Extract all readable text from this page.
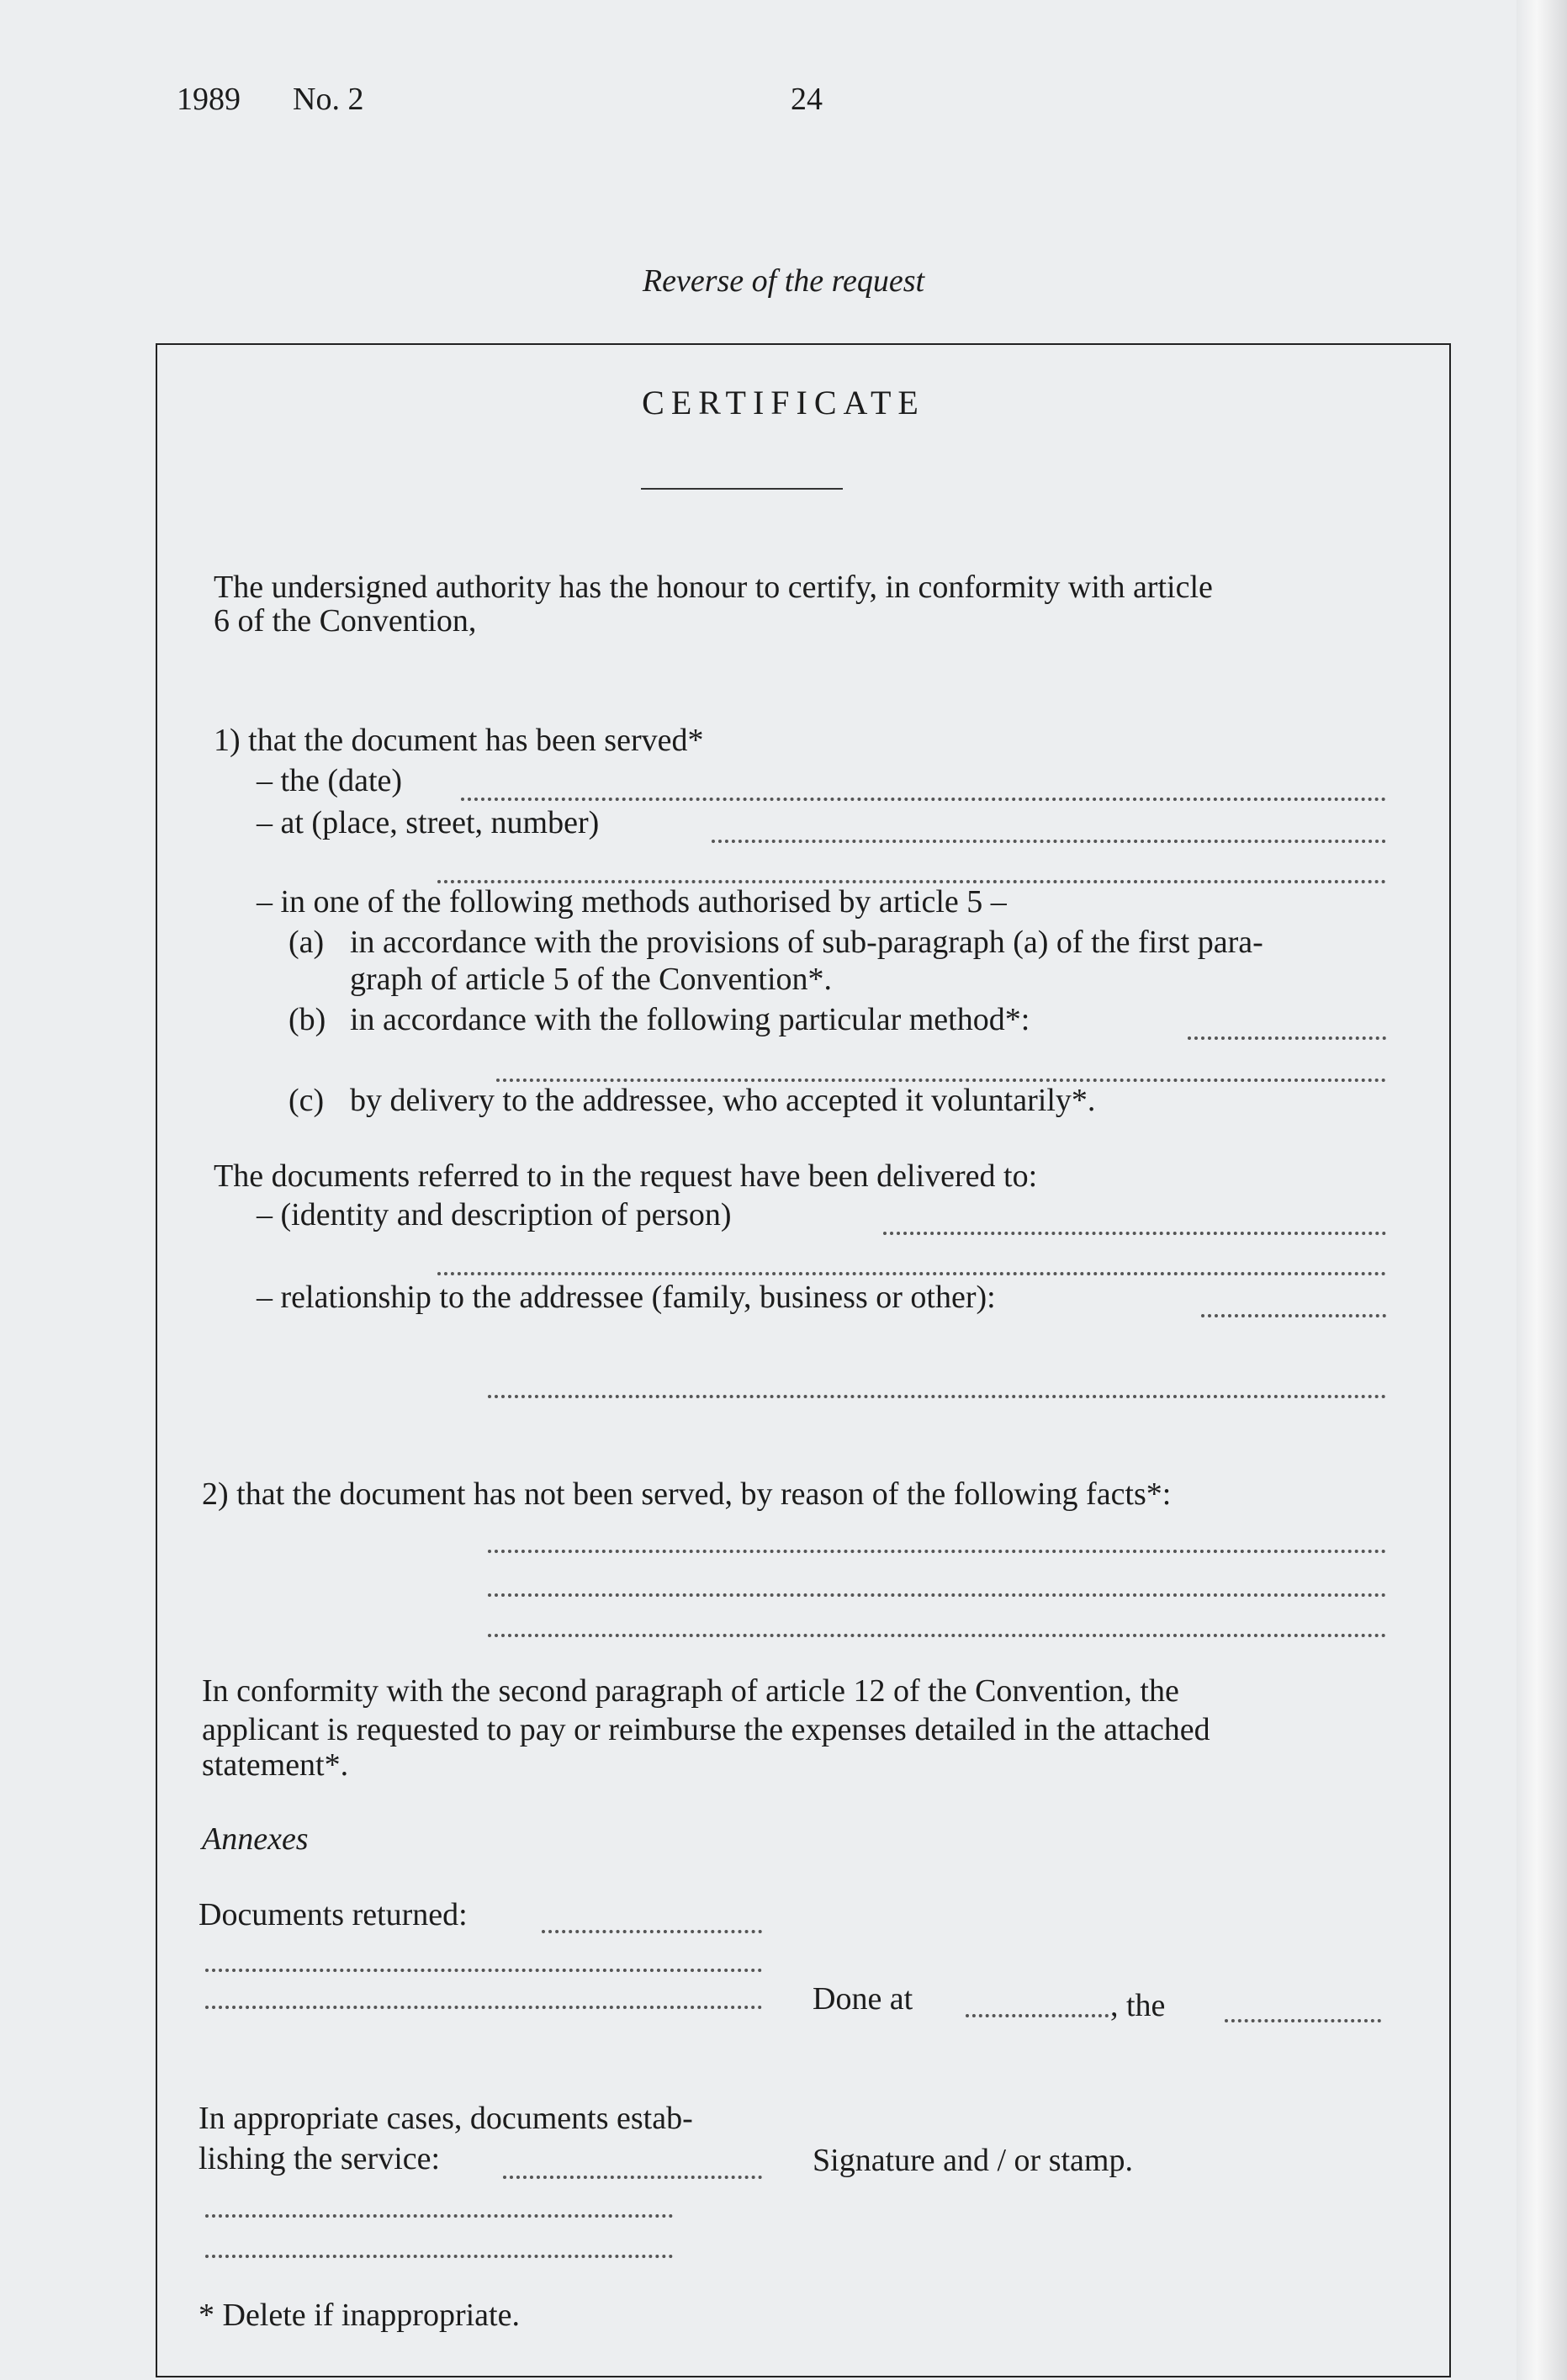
1989 No. 2	24
Reverse of the request
CERTIFICATE
The undersigned authority has the honour to certify, in conformity with article
6 of the Convention,
1) that the document has been served*
– the (date)
– at (place, street, number)
– in one of the following methods authorised by article 5 –
(a) in accordance with the provisions of sub-paragraph (a) of the first para-
graph of article 5 of the Convention*.
(b) in accordance with the following particular method*:
(c) by delivery to the addressee, who accepted it voluntarily*.
The documents referred to in the request have been delivered to:
– (identity and description of person)
– relationship to the addressee (family, business or other):
2) that the document has not been served, by reason of the following facts*:
In conformity with the second paragraph of article 12 of the Convention, the
applicant is requested to pay or reimburse the expenses detailed in the attached
statement*.
Annexes
Documents returned:
Done at	, the
In appropriate cases, documents estab-
lishing the service:	Signature and / or stamp.
* Delete if inappropriate.
